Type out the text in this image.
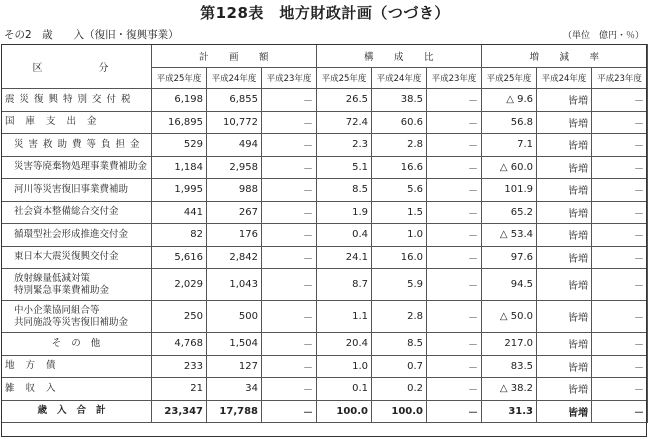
第128表　地方財政計画（つづき）
その2　歳　　入（復旧・復興事業）	（単位　億円・％）
区　　分	計　　画　　額			構　　成　　比			増　　減　　率		
	平成25年度	平成24年度	平成23年度	平成25年度	平成24年度	平成23年度	平成25年度	平成24年度	平成23年度

震災復興特別交付税	6,198	6,855	－	26.5	38.5	－	△ 9.6	皆増	－

国庫支出金	16,895	10,772	－	72.4	60.6	－	56.8	皆増	－

災害救助費等負担金	529	494	－	2.3	2.8	－	7.1	皆増	－

災害等廃棄物処理事業費補助金	1,184	2,958	－	5.1	16.6	－	△ 60.0	皆増	－

河川等災害復旧事業費補助	1,995	988	－	8.5	5.6	－	101.9	皆増	－

社会資本整備総合交付金	441	267	－	1.9	1.5	－	65.2	皆増	－

循環型社会形成推進交付金	82	176	－	0.4	1.0	－	△ 53.4	皆増	－

東日本大震災復興交付金	5,616	2,842	－	24.1	16.0	－	97.6	皆増	－

放射線量低減対策
特別緊急事業費補助金	2,029	1,043	－	8.7	5.9	－	94.5	皆増	－

中小企業協同組合等
共同施設等災害復旧補助金	250	500	－	1.1	2.8	－	△ 50.0	皆増	－

その他	4,768	1,504	－	20.4	8.5	－	217.0	皆増	－

地方債	233	127	－	1.0	0.7	－	83.5	皆増	－

雑収入	21	34	－	0.1	0.2	－	△ 38.2	皆増	－

歳入合計	23,347	17,788	－	100.0	100.0	－	31.3	皆増	－
